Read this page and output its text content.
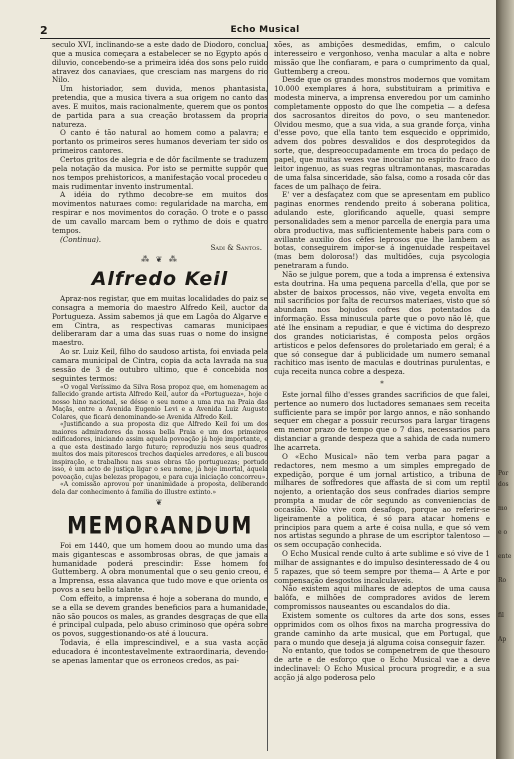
2	Echo Musical

seculo XVI, inclinando-se a este dado de Diodoro, conclua, que a musica começara a estabelecer se no Egypto após o diluvio, concebendo-se a primeira idéa dos sons pelo ruido atravez dos canaviaes, que cresciam nas margens do rio Nilo.

Um historiador, sem duvida, menos phantasista, pretendia, que a musica tivera a sua origem no canto das aves. E muitos, mais racionalmente, querem que os pontos de partida para a sua creação brotassem da propria natureza.

O canto é tão natural ao homem como a palavra; e portanto os primeiros seres humanos deveriam ter sido os primeiros cantores.

Certos gritos de alegria e de dôr facilmente se traduzem pela notação da musica. Por isto se permitte suppôr que nos tempos prehistoricos, a manifestação vocal procedeu o mais rudimentar invento instrumental.

A idéia do rythmo decobre-se em muitos dos movimentos naturaes como: regularidade na marcha, em respirar e nos movimentos do coração. O trote e o passo de um cavallo marcam bem o rythmo de dois e quatro tempos.

(Continua).

Sadi & Santos.

⁂ ❦ ⁂
Alfredo Keil

Apraz-nos registar, que em muitas localidades do paiz se consagra a memoria do maestro Alfredo Keil, auctor da Portugueza. Assim sabemos já que em Lagôa do Algarve e em Cintra, as respectivas camaras municipaes deliberaram dar a uma das suas ruas o nome do insigne maestro.

Ao sr. Luiz Keil, filho do saudoso artista, foi enviada pela camara municipal de Cintra, copia da acta lavrada na sua sessão de 3 de outubro ultimo, que é concebida nos seguintes termos:

«O vogal Veríssimo da Silva Rosa propoz que, em homenagem ao fallecido grande artista Alfredo Keil, autor da «Portugueza», hoje o nosso hino nacional, se désse o seu nome a uma rua na Praia das Maçãs, entre a Avenida Eugenio Levi e a Avenida Luiz Augusto Colares, que ficará denominando-se Avenida Alfredo Keil.

«Justificando a sua proposta diz que Alfredo Keil foi um dos maiores admiradores da nossa bella Praia e um dos primeiros edificadores, iniciando assim aquela povoação já hoje importante, e a que esta destinado largo futuro; reproduziu nos seus quadros muitos dos mais pitorescos trechos daqueles arredores, e ali buscou inspiração, e trabalhou nas suas obras tão portuguezas; portudo isso, é um acto de justiça ligar o seu nome, já hoje imortal, áquela povoação, cujas belezas propagou, e para cuja iniciação concorreu».

«A comissão aprovou por unanimidade a proposta, deliberando dela dar conhecimento á familia do illustre extinto.»

❦
MEMORANDUM

Foi em 1440, que um homem doou ao mundo uma das mais gigantescas e assombrosas obras, de que jamais a humanidade poderá prescindir: Esse homem foi Guttemberg. A obra monumental que o seu genio creou, é a Imprensa, essa alavanca que tudo move e que orienta os povos a seu bello talante.

Com effeito, a imprensa é hoje a soberana do mundo, e se a ella se devem grandes beneficios para a humanidade, não são poucos os males, as grandes desgraças de que ella é principal culpada, pelo abuso criminoso que opéra sobre os povos, suggestionando-os até á loucura.

Todavia, é ella imprescindivel, e a sua vasta acção educadora é incontestavelmente extraordinaria, devendo-se apenas lamentar que os erroneos credos, as pai-

xões, as ambições desmedidas, emfim, o calculo interesseiro e vergonhoso, venha macular a alta e nobre missão que lhe confiaram, e para o cumprimento da qual, Guttemberg a creou.

Desde que os grandes monstros modernos que vomitam 10.000 exemplares á hora, substituiram a primitiva e modesta minerva, a imprensa enveredou por um caminho completamente opposto do que lhe competia — a defesa dos sacrosantos direitos do povo, o seu mantenedor. Olvidou mesmo, que a sua vida, a sua grande força, vinha d'esse povo, que ella tanto tem esquecido e opprimido, advem dos pobres desvalidos e dos desprotegidos da sorte, que, despreoccupadamente em troca do pedaço de papel, que muitas vezes vae inocular no espirito fraco do leitor ingenuo, as suas regras ultramontanas, mascaradas de uma falsa sinceridade, são falsa, como a rosada côr das faces de um palhaço de feira.

E' ver a desfaçatez com que se apresentam em publico paginas enormes rendendo preito á soberana politica, adulando este, glorificando aquelle, quasi sempre personalidades sem a menor parcella de energia para uma obra productiva, mas sufficientemente habeis para com o avillante auxilio dos cêfes leprosos que lhe lambem as botas, conseguirem impor-se á ingenuidade respeitavel (mas bem dolorosa!) das multidões, cuja psycologia penetraram a fundo.

Não se julgue porem, que a toda a imprensa é extensiva esta doutrina. Ha uma pequena parcella d'ella, que por se abster de baixos processos, não vive, vegeta envolta em mil sacrificios por falta de recursos materiaes, visto que só abundam nos bojudos cofres dos potentados da informação. Essa minuscula parte que o povo não lê, que até lhe ensinam a repudiar, e que é victima do desprezo dos grandes noticiaristas, é composta pelos orgãos artisticos e pelos defensores do proletariado em geral; é a que só consegue dar á publicidade um numero semanal rachitico mas isento de maculas e doutrinas purulentas, e cuja receita nunca cobre a despeza.

*

Este jornal filho d'esses grandes sacrificios de que falei, pertence ao numero dos luctadores semanaes sem receita sufficiente para se impôr por largo annos, e não sonhando sequer em chegar a possuir recursos para largar tiragens em menor prazo de tempo que o 7 dias, necessarios para distanciar a grande despeza que a sahida de cada numero lhe acarreta.

O «Echo Musical» não tem verba para pagar a redactores, nem mesmo a um simples empregado de expedição, porque é um jornal artistico, a tribuna de milhares de soffredores que affasta de si com um reptil nojento, a orientação dos seus confrades diarios sempre prompta a mudar de côr segundo as conveniencias de occasião. Não vive com desafogo, porque ao referir-se ligeiramente a politica, é só para atacar homens e principios para quem a arte é coisa nulla, e que só vem nos artistas segundo a phrase de um escriptor talentoso — os sem occupação conhecida.

O Echo Musical rende culto á arte sublime e só vive de 1 milhar de assignantes e do impulso desinteressado de 4 ou 5 rapazes, que só teem sempre por thema— A Arte e por compensação desgostos incalculaveis.

Não existem aqui milhares de adeptos de uma causa balôfa, e milhões de compradores avidos de lerem compromissos nauseantes ou escandalos do dia.

Existem somente os cultores da arte dos sons, esses opprimidos com os olhos fixos na marcha progressiva do grande caminho da arte musical, que em Portugal, que para o mundo que deseja já alguma coisa conseguir fazer.

No entanto, que todos se compenetrem de que thesouro de arte e de esforço que o Echo Musical vae a deve indeclinavel: O Echo Musical procura progredir, e a sua acção já algo poderosa pelo

Por
dos
mo
e o
ente
Ro
fil
Ap
